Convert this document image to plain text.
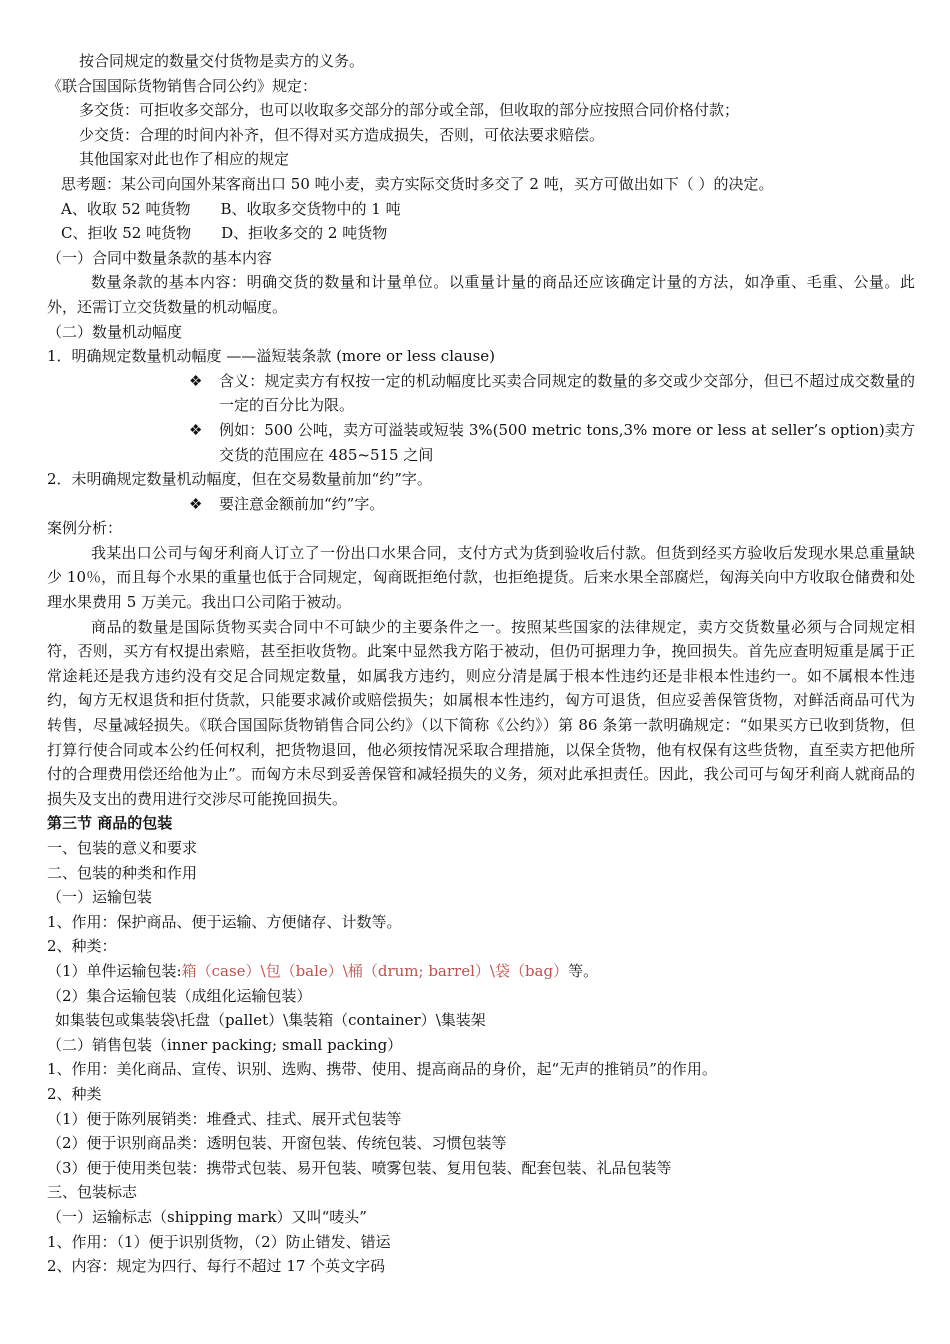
按合同规定的数量交付货物是卖方的义务。
《联合国国际货物销售合同公约》规定：
多交货：可拒收多交部分，也可以收取多交部分的部分或全部，但收取的部分应按照合同价格付款；
少交货：合理的时间内补齐，但不得对买方造成损失，否则，可依法要求赔偿。
其他国家对此也作了相应的规定
思考题：某公司向国外某客商出口 50 吨小麦，卖方实际交货时多交了 2 吨，买方可做出如下（ ）的决定。
A、收取 52 吨货物 B、收取多交货物中的 1 吨
C、拒收 52 吨货物 D、拒收多交的 2 吨货物
（一）合同中数量条款的基本内容
数量条款的基本内容：明确交货的数量和计量单位。以重量计量的商品还应该确定计量的方法，如净重、毛重、公量。此外，还需订立交货数量的机动幅度。
（二）数量机动幅度
1．明确规定数量机动幅度 ——溢短装条款 (more or less clause)
❖	含义：规定卖方有权按一定的机动幅度比买卖合同规定的数量的多交或少交部分，但已不超过成交数量的一定的百分比为限。
❖	例如：500 公吨，卖方可溢装或短装 3%(500 metric tons,3% more or less at seller’s option)卖方交货的范围应在 485~515 之间
2．未明确规定数量机动幅度，但在交易数量前加“约”字。
❖	要注意金额前加“约”字。
案例分析：
我某出口公司与匈牙利商人订立了一份出口水果合同，支付方式为货到验收后付款。但货到经买方验收后发现水果总重量缺少 10％，而且每个水果的重量也低于合同规定，匈商既拒绝付款，也拒绝提货。后来水果全部腐烂，匈海关向中方收取仓储费和处理水果费用 5 万美元。我出口公司陷于被动。
商品的数量是国际货物买卖合同中不可缺少的主要条件之一。按照某些国家的法律规定，卖方交货数量必须与合同规定相符，否则，买方有权提出索赔，甚至拒收货物。此案中显然我方陷于被动，但仍可据理力争，挽回损失。首先应查明短重是属于正常途耗还是我方违约没有交足合同规定数量，如属我方违约，则应分清是属于根本性违约还是非根本性违约一。如不属根本性违约，匈方无权退货和拒付货款，只能要求减价或赔偿损失；如属根本性违约，匈方可退货，但应妥善保管货物，对鲜活商品可代为转售，尽量减轻损失。《联合国国际货物销售合同公约》（以下简称《公约》）第 86 条第一款明确规定：“如果买方已收到货物，但打算行使合同或本公约任何权利，把货物退回，他必须按情况采取合理措施，以保全货物，他有权保有这些货物，直至卖方把他所付的合理费用偿还给他为止”。而匈方未尽到妥善保管和减轻损失的义务，须对此承担责任。因此，我公司可与匈牙利商人就商品的损失及支出的费用进行交涉尽可能挽回损失。
第三节 商品的包装
一、包装的意义和要求
二、包装的种类和作用
（一）运输包装
1、作用：保护商品、便于运输、方便储存、计数等。
2、种类：
（1）单件运输包装:箱（case）\包（bale）\桶（drum; barrel）\袋（bag）等。
（2）集合运输包装（成组化运输包装）
如集装包或集装袋\托盘（pallet）\集装箱（container）\集装架
（二）销售包装（inner packing; small packing）
1、作用：美化商品、宣传、识别、选购、携带、使用、提高商品的身价，起“无声的推销员”的作用。
2、种类
（1）便于陈列展销类：堆叠式、挂式、展开式包装等
（2）便于识别商品类：透明包装、开窗包装、传统包装、习惯包装等
（3）便于使用类包装：携带式包装、易开包装、喷雾包装、复用包装、配套包装、礼品包装等
三、包装标志
（一）运输标志（shipping mark）又叫“唛头”
1、作用：（1）便于识别货物，（2）防止错发、错运
2、内容：规定为四行、每行不超过 17 个英文字码
